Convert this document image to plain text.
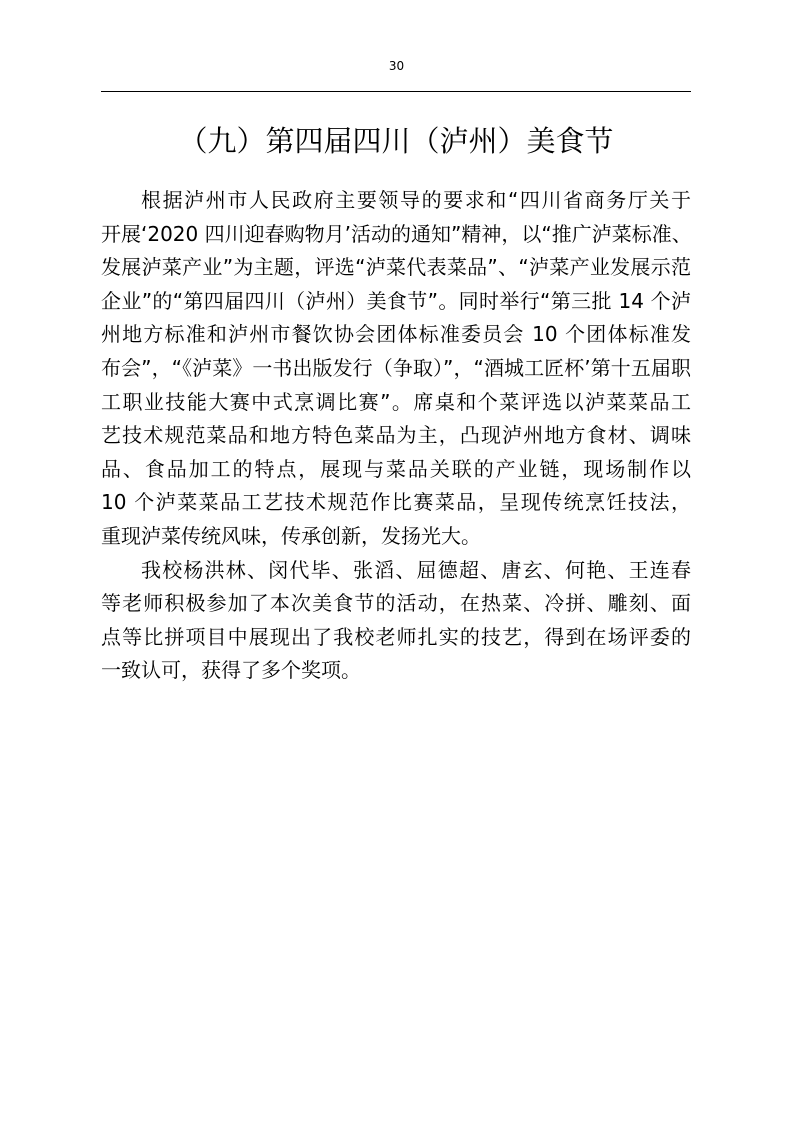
30
（九）第四届四川（泸州）美食节

根据泸州市人民政府主要领导的要求和“四川省商务厅关于
开展‘2020 四川迎春购物月’活动的通知”精神，以“推广泸菜标准、
发展泸菜产业”为主题，评选“泸菜代表菜品”、“泸菜产业发展示范
企业”的“第四届四川（泸州）美食节”。同时举行“第三批 14 个泸
州地方标准和泸州市餐饮协会团体标准委员会 10 个团体标准发
布会”，“《泸菜》一书出版发行（争取）”，“酒城工匠杯’第十五届职
工职业技能大赛中式烹调比赛”。席桌和个菜评选以泸菜菜品工
艺技术规范菜品和地方特色菜品为主，凸现泸州地方食材、调味
品、食品加工的特点，展现与菜品关联的产业链，现场制作以
10 个泸菜菜品工艺技术规范作比赛菜品，呈现传统烹饪技法，
重现泸菜传统风味，传承创新，发扬光大。

我校杨洪林、闵代毕、张滔、屈德超、唐玄、何艳、王连春
等老师积极参加了本次美食节的活动，在热菜、冷拼、雕刻、面
点等比拼项目中展现出了我校老师扎实的技艺，得到在场评委的
一致认可，获得了多个奖项。
